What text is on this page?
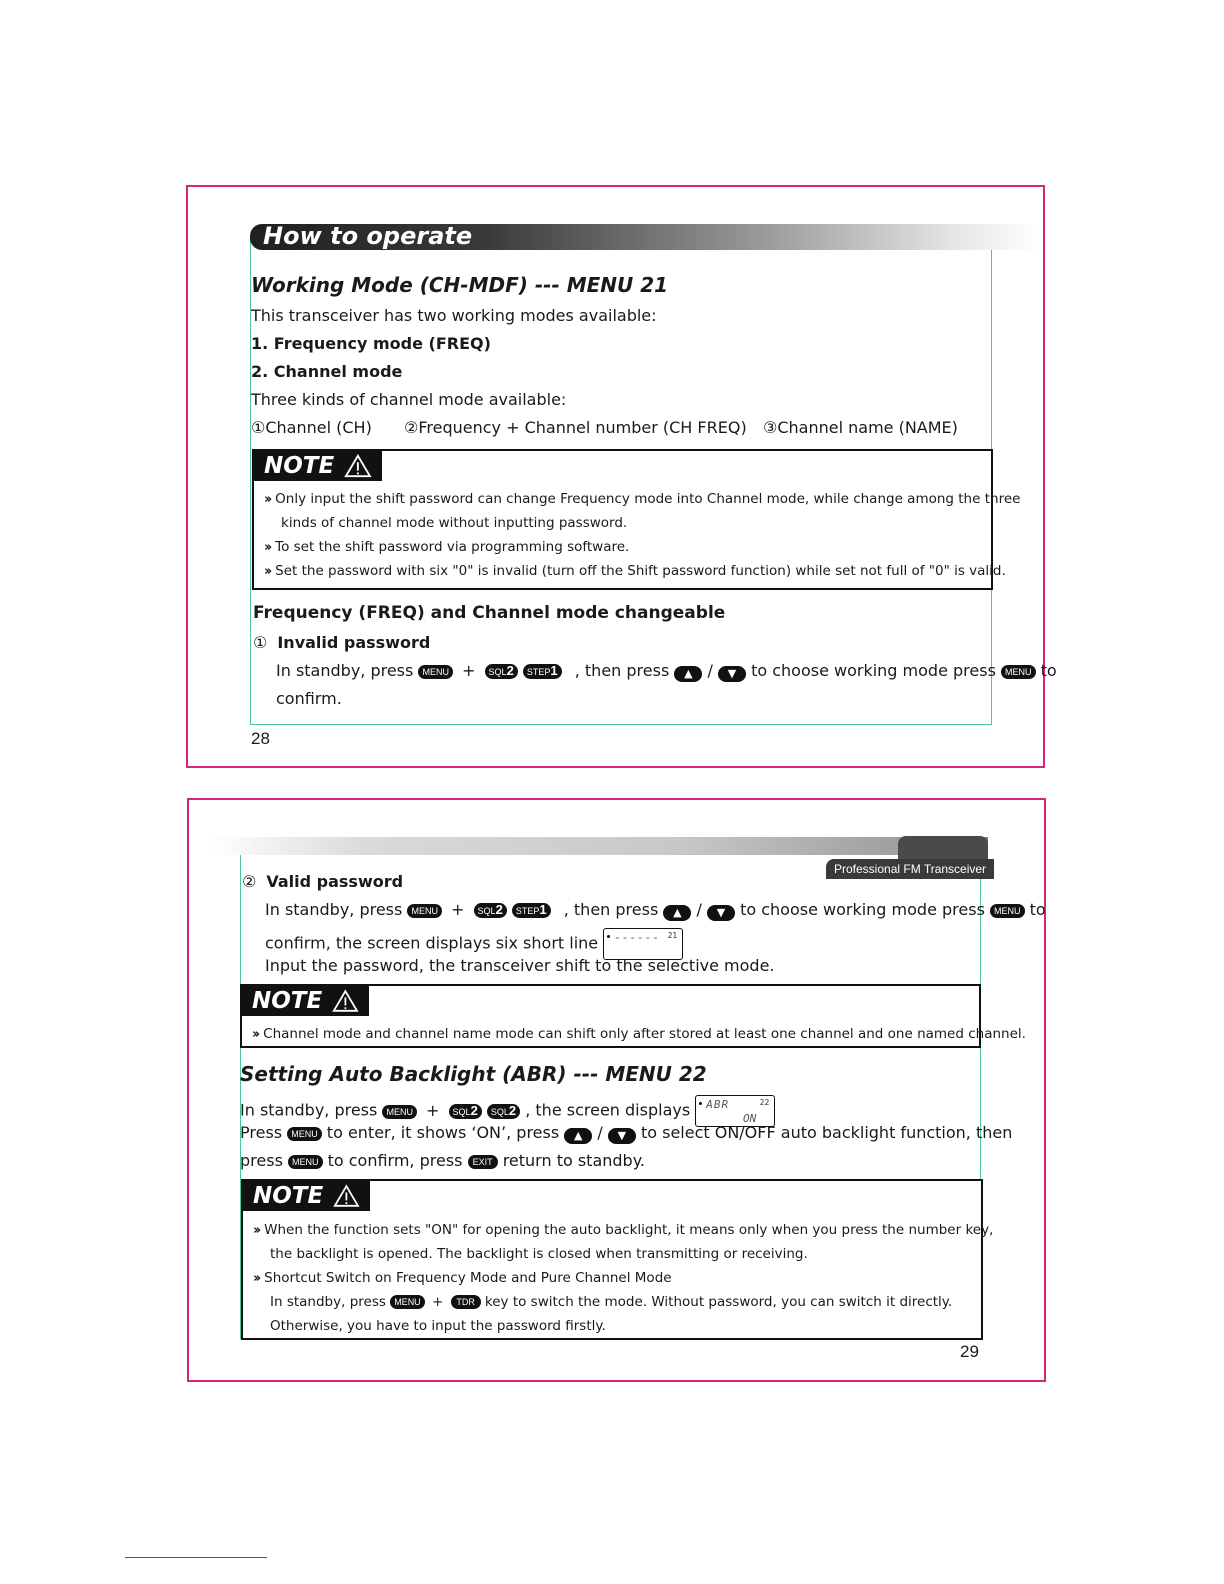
How to operate
Working Mode (CH-MDF) --- MENU 21
This transceiver has two working modes available:
1. Frequency mode (FREQ)
2. Channel mode
Three kinds of channel mode available:
①Channel (CH) ②Frequency + Channel number (CH FREQ) ③Channel name (NAME)
NOTE
›› Only input the shift password can change Frequency mode into Channel mode, while change among the three
kinds of channel mode without inputting password.
›› To set the shift password via programming software.
›› Set the password with six "0" is invalid (turn off the Shift password function) while set not full of "0" is valid.
Frequency (FREQ) and Channel mode changeable
① Invalid password
In standby, press MENU + SQL2 STEP1 , then press ▲ / ▼ to choose working mode press MENU to
confirm.
28
Professional FM Transceiver
② Valid password
In standby, press MENU + SQL2 STEP1 , then press ▲ / ▼ to choose working mode press MENU to
confirm, the screen displays six short line ------ 21
Input the password, the transceiver shift to the selective mode.
NOTE
›› Channel mode and channel name mode can shift only after stored at least one channel and one named channel.
Setting Auto Backlight (ABR) --- MENU 22
In standby, press MENU + SQL2 SQL2 , the screen displays ABR
ON
22
Press MENU to enter, it shows ‘ON’, press ▲ / ▼ to select ON/OFF auto backlight function, then
press MENU to confirm, press EXIT return to standby.
NOTE
›› When the function sets "ON" for opening the auto backlight, it means only when you press the number key,
the backlight is opened. The backlight is closed when transmitting or receiving.
›› Shortcut Switch on Frequency Mode and Pure Channel Mode
In standby, press MENU + TDR key to switch the mode. Without password, you can switch it directly.
Otherwise, you have to input the password firstly.
29
